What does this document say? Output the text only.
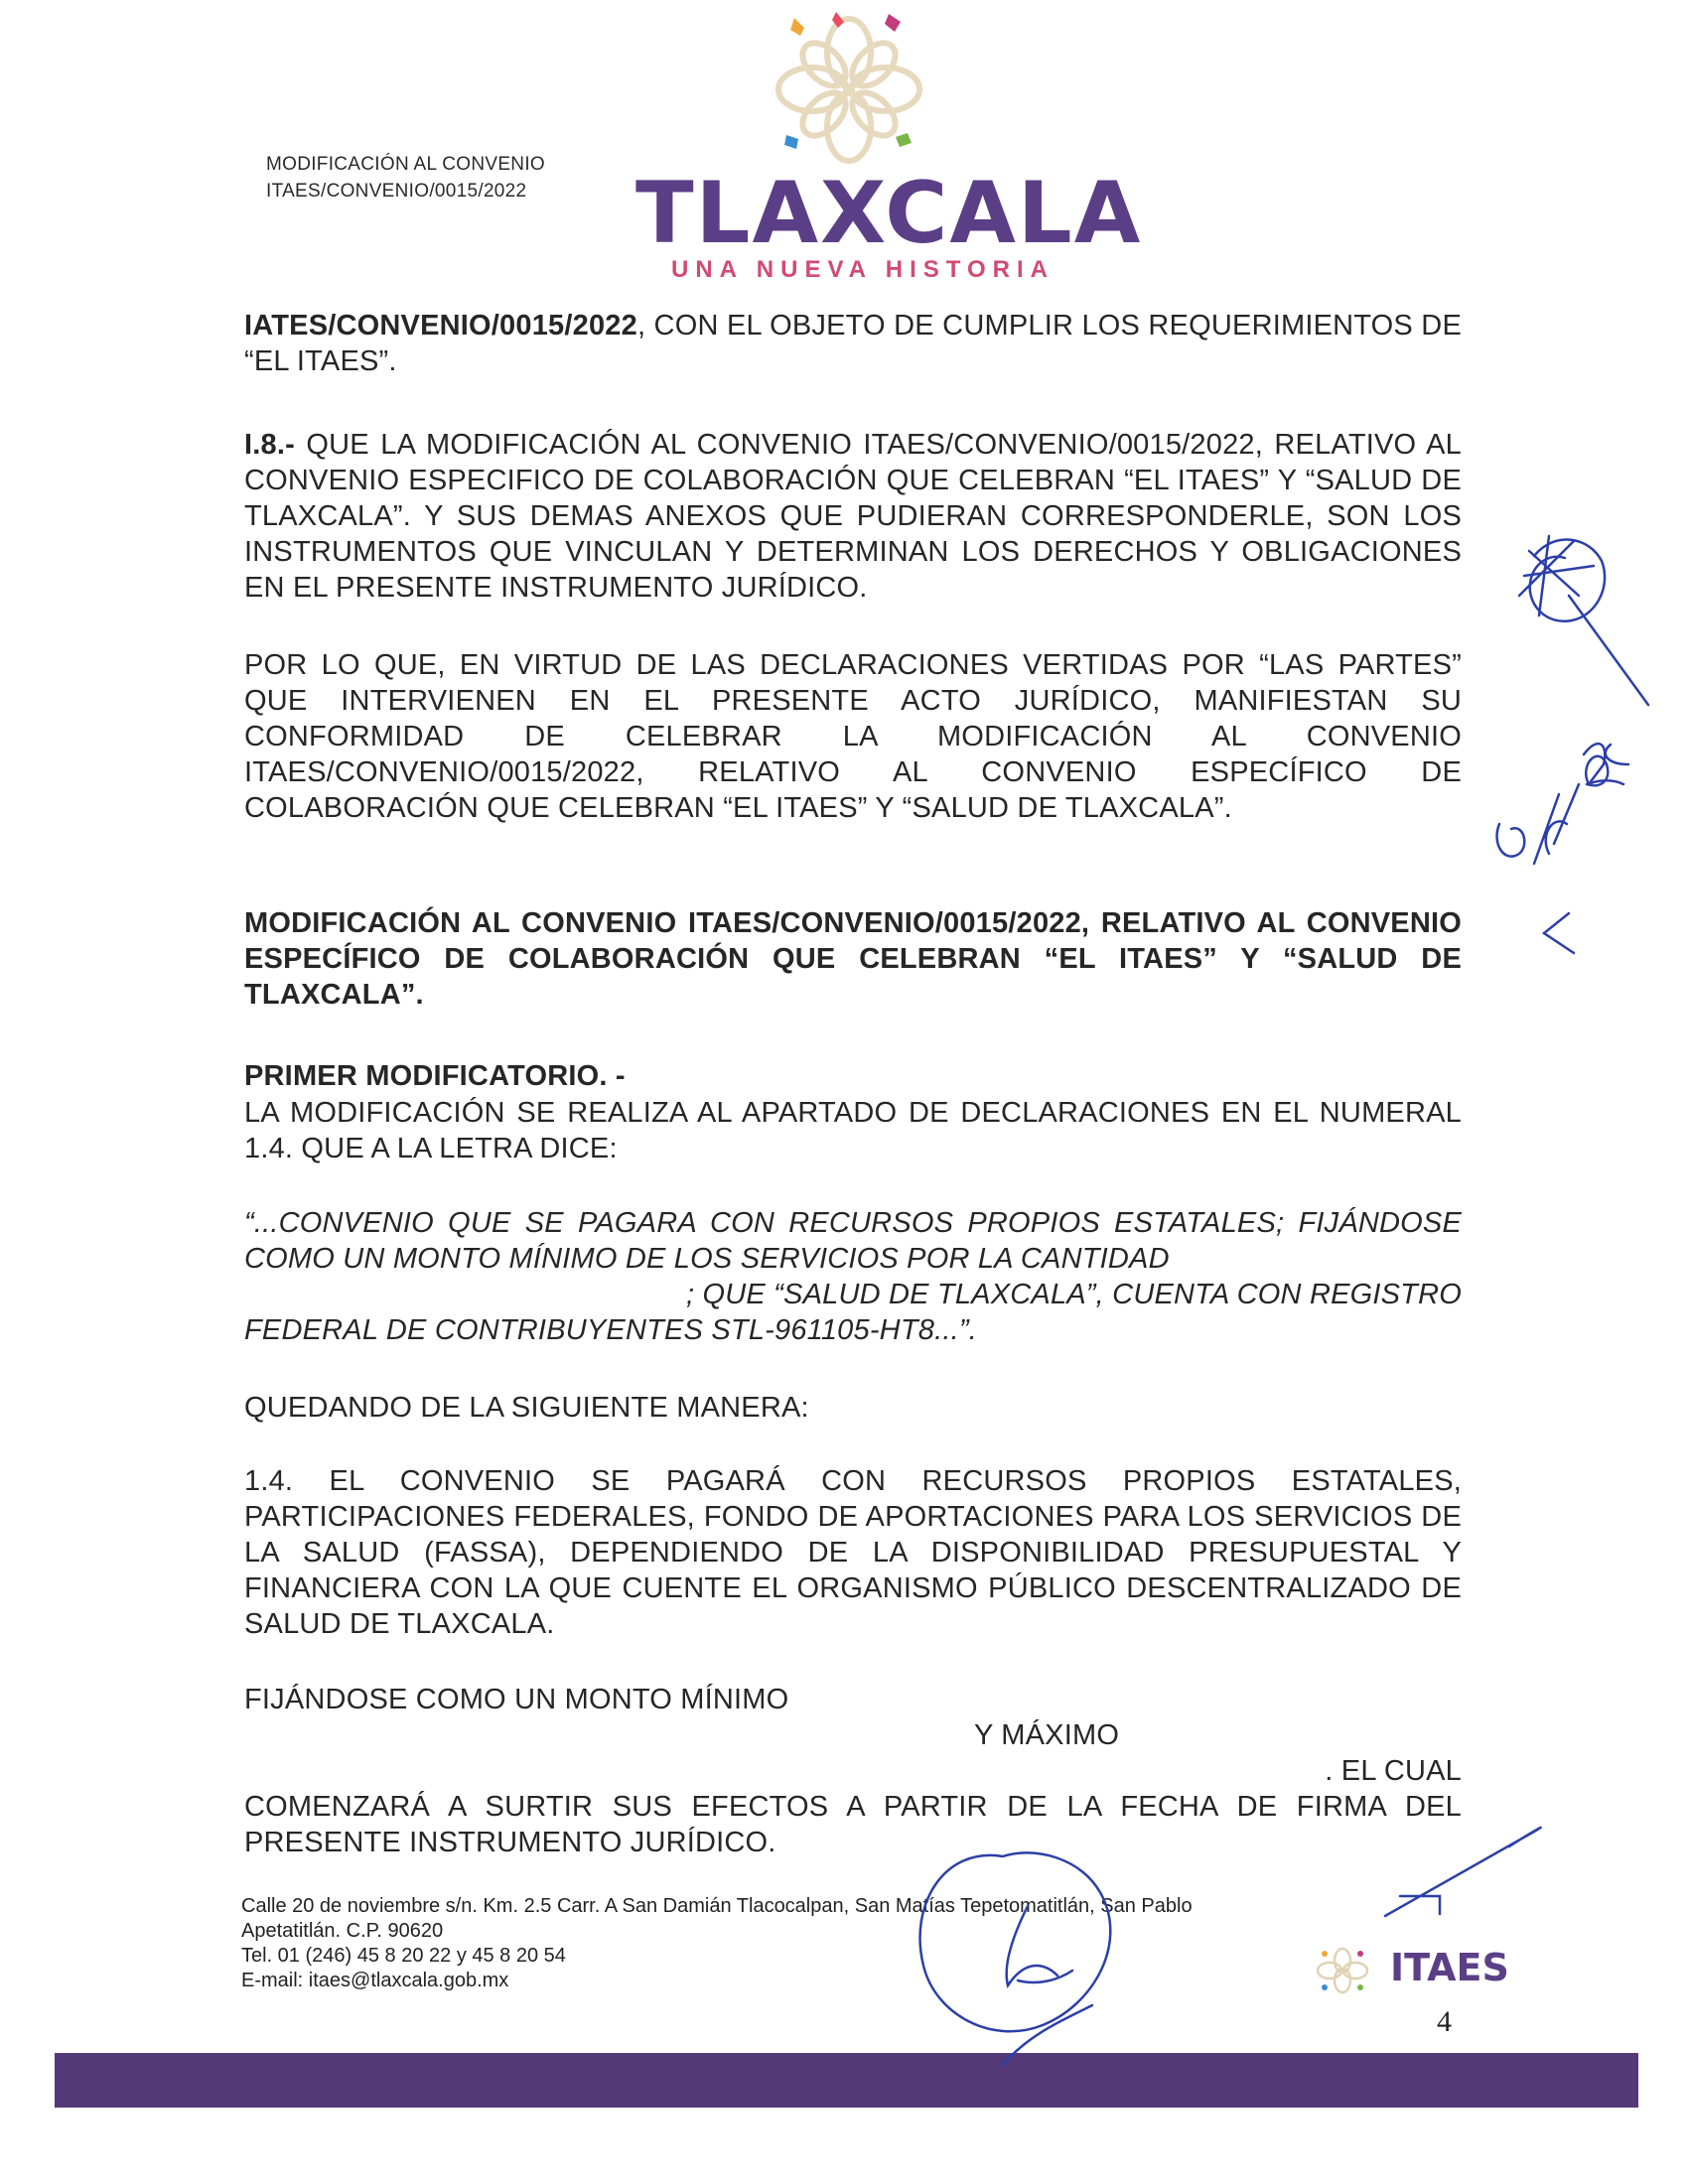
MODIFICACIÓN AL CONVENIO
ITAES/CONVENIO/0015/2022 TLAXCALA
UNA NUEVA HISTORIA
IATES/CONVENIO/0015/2022, CON EL OBJETO DE CUMPLIR LOS REQUERIMIENTOS DE “EL ITAES”.
I.8.- QUE LA MODIFICACIÓN AL CONVENIO ITAES/CONVENIO/0015/2022, RELATIVO AL CONVENIO ESPECIFICO DE COLABORACIÓN QUE CELEBRAN “EL ITAES” Y “SALUD DE TLAXCALA”. Y SUS DEMAS ANEXOS QUE PUDIERAN CORRESPONDERLE, SON LOS INSTRUMENTOS QUE VINCULAN Y DETERMINAN LOS DERECHOS Y OBLIGACIONES EN EL PRESENTE INSTRUMENTO JURÍDICO.
POR LO QUE, EN VIRTUD DE LAS DECLARACIONES VERTIDAS POR “LAS PARTES” QUE INTERVIENEN EN EL PRESENTE ACTO JURÍDICO, MANIFIESTAN SU CONFORMIDAD DE CELEBRAR LA MODIFICACIÓN AL CONVENIO ITAES/CONVENIO/0015/2022, RELATIVO AL CONVENIO ESPECÍFICO DE COLABORACIÓN QUE CELEBRAN “EL ITAES” Y “SALUD DE TLAXCALA”.
MODIFICACIÓN AL CONVENIO ITAES/CONVENIO/0015/2022, RELATIVO AL CONVENIO ESPECÍFICO DE COLABORACIÓN QUE CELEBRAN “EL ITAES” Y “SALUD DE TLAXCALA”.
PRIMER MODIFICATORIO. -
LA MODIFICACIÓN SE REALIZA AL APARTADO DE DECLARACIONES EN EL NUMERAL 1.4. QUE A LA LETRA DICE:
“...CONVENIO QUE SE PAGARA CON RECURSOS PROPIOS ESTATALES; FIJÁNDOSE
COMO UN MONTO MÍNIMO DE LOS SERVICIOS POR LA CANTIDAD
; QUE “SALUD DE TLAXCALA”, CUENTA CON REGISTRO
FEDERAL DE CONTRIBUYENTES STL-961105-HT8...”.
QUEDANDO DE LA SIGUIENTE MANERA:
1.4. EL CONVENIO SE PAGARÁ CON RECURSOS PROPIOS ESTATALES, PARTICIPACIONES FEDERALES, FONDO DE APORTACIONES PARA LOS SERVICIOS DE LA SALUD (FASSA), DEPENDIENDO DE LA DISPONIBILIDAD PRESUPUESTAL Y FINANCIERA CON LA QUE CUENTE EL ORGANISMO PÚBLICO DESCENTRALIZADO DE SALUD DE TLAXCALA.
FIJÁNDOSE COMO UN MONTO MÍNIMO
Y MÁXIMO
. EL CUAL
COMENZARÁ A SURTIR SUS EFECTOS A PARTIR DE LA FECHA DE FIRMA DEL PRESENTE INSTRUMENTO JURÍDICO.
Calle 20 de noviembre s/n. Km. 2.5 Carr. A San Damián Tlacocalpan, San Matías Tepetomatitlán, San Pablo
Apetatitlán. C.P. 90620
Tel. 01 (246) 45 8 20 22 y 45 8 20 54
E-mail: itaes@tlaxcala.gob.mx	ITAES
4
